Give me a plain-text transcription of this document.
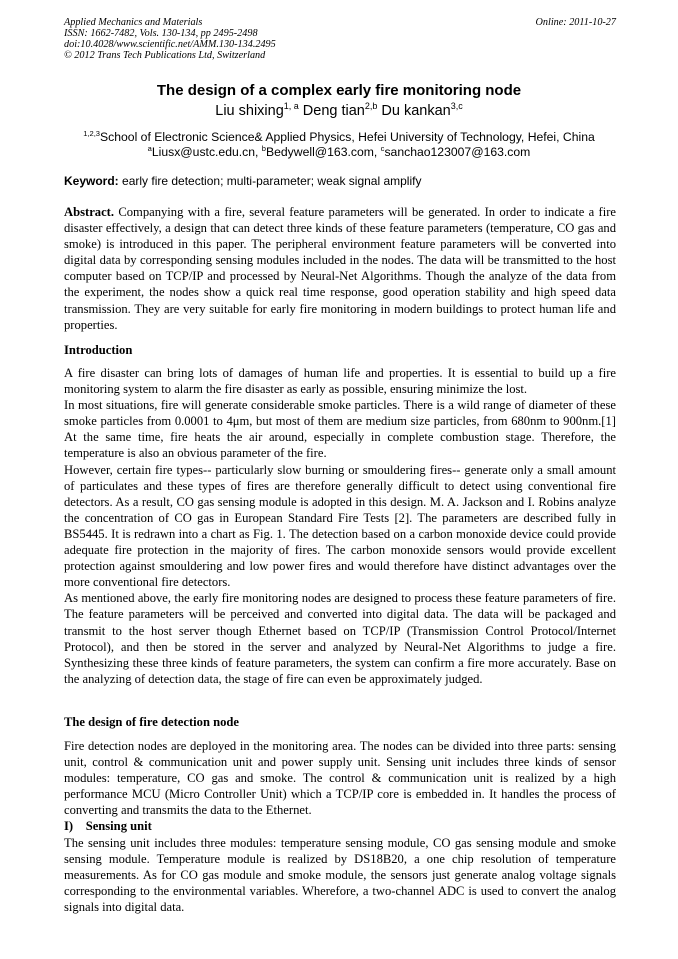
Applied Mechanics and Materials
ISSN: 1662-7482, Vols. 130-134, pp 2495-2498
doi:10.4028/www.scientific.net/AMM.130-134.2495
© 2012 Trans Tech Publications Ltd, Switzerland
Online: 2011-10-27
The design of a complex early fire monitoring node
Liu shixing$^{1, a}$ Deng tian$^{2,b}$ Du kankan$^{3,c}$
$^{1,2,3}$School of Electronic Science& Applied Physics, Hefei University of Technology, Hefei, China
$^a$Liusx@ustc.edu.cn, $^b$Bedywell@163.com, $^c$sanchao123007@163.com
Keyword: early fire detection; multi-parameter; weak signal amplify

Abstract. Companying with a fire, several feature parameters will be generated. In order to indicate a fire disaster effectively, a design that can detect three kinds of these feature parameters (temperature, CO gas and smoke) is introduced in this paper. The peripheral environment feature parameters will be converted into digital data by corresponding sensing modules included in the nodes. The data will be transmitted to the host computer based on TCP/IP and processed by Neural-Net Algorithms. Though the analyze of the data from the experiment, the nodes show a quick real time response, good operation stability and high speed data transmission. They are very suitable for early fire monitoring in modern buildings to protect human life and properties.

Introduction

A fire disaster can bring lots of damages of human life and properties. It is essential to build up a fire monitoring system to alarm the fire disaster as early as possible, ensuring minimize the lost.

In most situations, fire will generate considerable smoke particles. There is a wild range of diameter of these smoke particles from 0.0001 to 4μm, but most of them are medium size particles, from 680nm to 900nm.[1] At the same time, fire heats the air around, especially in complete combustion stage. Therefore, the temperature is also an obvious parameter of the fire.

However, certain fire types-- particularly slow burning or smouldering fires-- generate only a small amount of particulates and these types of fires are therefore generally difficult to detect using conventional fire detectors. As a result, CO gas sensing module is adopted in this design. M. A. Jackson and I. Robins analyze the concentration of CO gas in European Standard Fire Tests [2]. The parameters are described fully in BS5445. It is redrawn into a chart as Fig. 1. The detection based on a carbon monoxide device could provide adequate fire protection in the majority of fires. The carbon monoxide sensors would provide excellent protection against smouldering and low power fires and would therefore have distinct advantages over the more conventional fire detectors.

As mentioned above, the early fire monitoring nodes are designed to process these feature parameters of fire. The feature parameters will be perceived and converted into digital data. The data will be packaged and transmit to the host server though Ethernet based on TCP/IP (Transmission Control Protocol/Internet Protocol), and then be stored in the server and analyzed by Neural-Net Algorithms to judge a fire. Synthesizing these three kinds of feature parameters, the system can confirm a fire more accurately. Base on the analyzing of detection data, the stage of fire can even be approximately judged.

The design of fire detection node

Fire detection nodes are deployed in the monitoring area. The nodes can be divided into three parts: sensing unit, control & communication unit and power supply unit. Sensing unit includes three kinds of sensor modules: temperature, CO gas and smoke. The control & communication unit is realized by a high performance MCU (Micro Controller Unit) which a TCP/IP core is embedded in. It handles the process of converting and transmits the data to the Ethernet.

I)    Sensing unit

The sensing unit includes three modules: temperature sensing module, CO gas sensing module and smoke sensing module. Temperature module is realized by DS18B20, a one chip resolution of temperature measurements. As for CO gas module and smoke module, the sensors just generate analog voltage signals corresponding to the environmental variables. Wherefore, a two-channel ADC is used to convert the analog signals into digital data.
